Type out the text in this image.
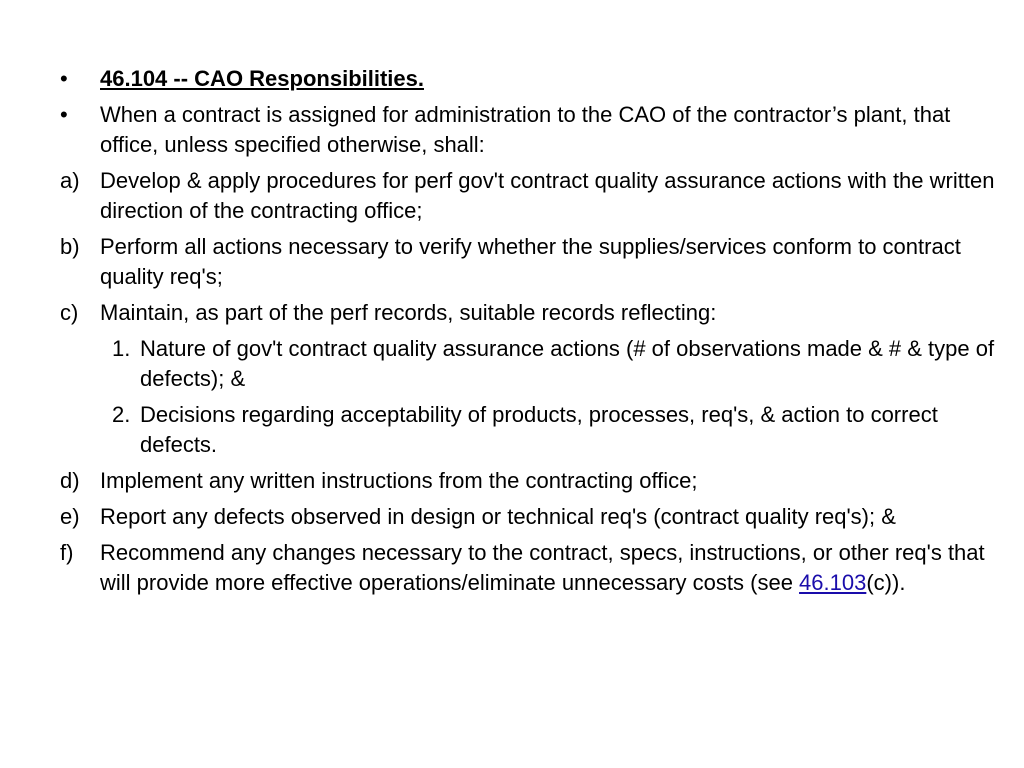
•	46.104 -- CAO Responsibilities.
•	When a contract is assigned for administration to the CAO of the contractor’s plant, that office, unless specified otherwise, shall:
a) Develop & apply procedures for perf gov't contract quality assurance actions with the written direction of the contracting office;
b) Perform all actions necessary to verify whether the supplies/services conform to contract quality req's;
c) Maintain, as part of the perf records, suitable records reflecting:
1. Nature of gov't contract quality assurance actions (# of observations made & # & type of defects); &
2. Decisions regarding acceptability of products, processes, req's, & action to correct defects.
d) Implement any written instructions from the contracting office;
e) Report any defects observed in design or technical req's (contract quality req's); &
f)	Recommend any changes necessary to the contract, specs, instructions, or other req's that will provide more effective operations/eliminate unnecessary costs (see 46.103(c)).
